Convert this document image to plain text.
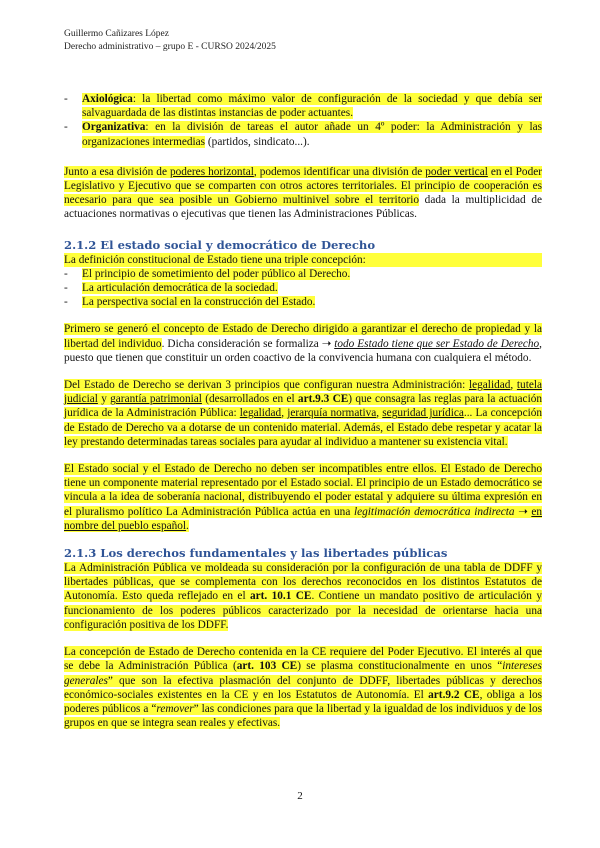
Guillermo Cañizares López
Derecho administrativo – grupo E - CURSO 2024/2025

- Axiológica: la libertad como máximo valor de configuración de la sociedad y que debía ser salvaguardada de las distintas instancias de poder actuantes.

- Organizativa: en la división de tareas el autor añade un 4º poder: la Administración y las organizaciones intermedias (partidos, sindicato...).

Junto a esa división de poderes horizontal, podemos identificar una división de poder vertical en el Poder Legislativo y Ejecutivo que se comparten con otros actores territoriales. El principio de cooperación es necesario para que sea posible un Gobierno multinivel sobre el territorio dada la multiplicidad de actuaciones normativas o ejecutivas que tienen las Administraciones Públicas.

2.1.2 El estado social y democrático de Derecho

La definición constitucional de Estado tiene una triple concepción:

- El principio de sometimiento del poder público al Derecho.

- La articulación democrática de la sociedad.

- La perspectiva social en la construcción del Estado.

Primero se generó el concepto de Estado de Derecho dirigido a garantizar el derecho de propiedad y la libertad del individuo. Dicha consideración se formaliza ➝ todo Estado tiene que ser Estado de Derecho, puesto que tienen que constituir un orden coactivo de la convivencia humana con cualquiera el método.

Del Estado de Derecho se derivan 3 principios que configuran nuestra Administración: legalidad, tutela judicial y garantía patrimonial (desarrollados en el art.9.3 CE) que consagra las reglas para la actuación jurídica de la Administración Pública: legalidad, jerarquía normativa, seguridad jurídica... La concepción de Estado de Derecho va a dotarse de un contenido material. Además, el Estado debe respetar y acatar la ley prestando determinadas tareas sociales para ayudar al individuo a mantener su existencia vital.

El Estado social y el Estado de Derecho no deben ser incompatibles entre ellos. El Estado de Derecho tiene un componente material representado por el Estado social. El principio de un Estado democrático se vincula a la idea de soberanía nacional, distribuyendo el poder estatal y adquiere su última expresión en el pluralismo político La Administración Pública actúa en una legitimación democrática indirecta ➝ en nombre del pueblo español.

2.1.3 Los derechos fundamentales y las libertades públicas

La Administración Pública ve moldeada su consideración por la configuración de una tabla de DDFF y libertades públicas, que se complementa con los derechos reconocidos en los distintos Estatutos de Autonomía. Esto queda reflejado en el art. 10.1 CE. Contiene un mandato positivo de articulación y funcionamiento de los poderes públicos caracterizado por la necesidad de orientarse hacia una configuración positiva de los DDFF.

La concepción de Estado de Derecho contenida en la CE requiere del Poder Ejecutivo. El interés al que se debe la Administración Pública (art. 103 CE) se plasma constitucionalmente en unos “intereses generales” que son la efectiva plasmación del conjunto de DDFF, libertades públicas y derechos económico-sociales existentes en la CE y en los Estatutos de Autonomía. El art.9.2 CE, obliga a los poderes públicos a “remover” las condiciones para que la libertad y la igualdad de los individuos y de los grupos en que se integra sean reales y efectivas.

2
